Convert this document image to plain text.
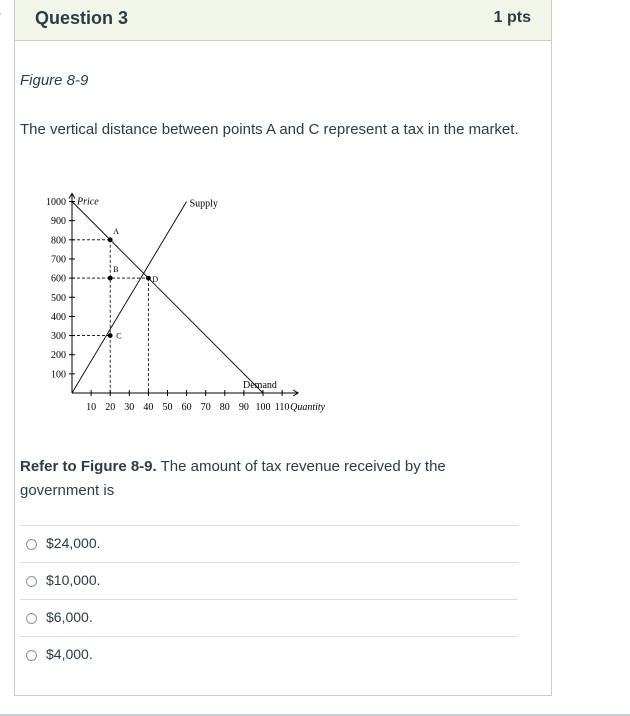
Question 3	1 pts
Figure 8-9
The vertical distance between points A and C represent a tax in the market.
100
200
300
400
500
600
700
800
900
1000
10 20 30 40 50 60 70 80 90 100 110
Price
Quantity
Supply
Demand
A
B
C
D
Refer to Figure 8-9. The amount of tax revenue received by the government is
$24,000.
$10,000.
$6,000.
$4,000.
